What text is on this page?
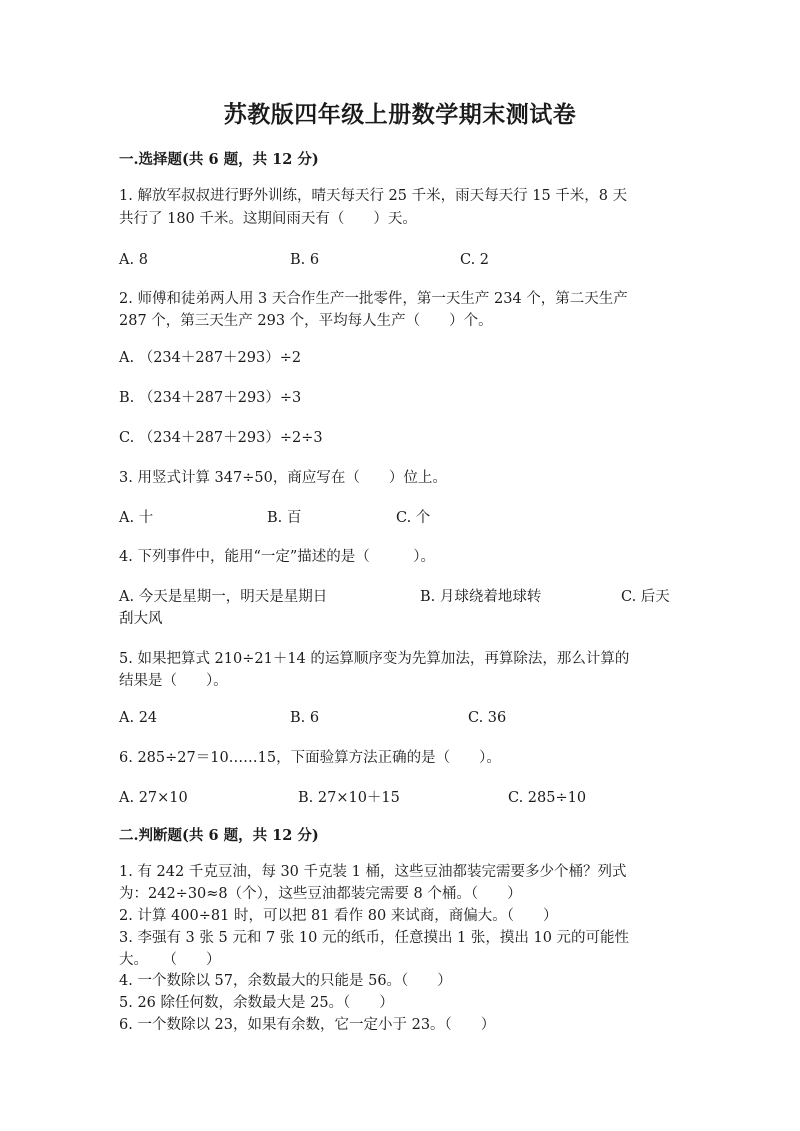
苏教版四年级上册数学期末测试卷
一.选择题(共 6 题，共 12 分)
1. 解放军叔叔进行野外训练，晴天每天行 25 千米，雨天每天行 15 千米，8 天
共行了 180 千米。这期间雨天有（　　）天。
A. 8	B. 6	C. 2
2. 师傅和徒弟两人用 3 天合作生产一批零件，第一天生产 234 个，第二天生产
287 个，第三天生产 293 个，平均每人生产（　　）个。
A. （234＋287＋293）÷2
B. （234＋287＋293）÷3
C. （234＋287＋293）÷2÷3
3. 用竖式计算 347÷50，商应写在（　　）位上。
A. 十	B. 百	C. 个
4. 下列事件中，能用“一定”描述的是（　　　）。
A. 今天是星期一，明天是星期日	B. 月球绕着地球转	C. 后天
刮大风
5. 如果把算式 210÷21＋14 的运算顺序变为先算加法，再算除法，那么计算的
结果是（　　）。
A. 24	B. 6	C. 36
6. 285÷27＝10……15，下面验算方法正确的是（　　）。
A. 27×10	B. 27×10＋15	C. 285÷10
二.判断题(共 6 题，共 12 分)
1. 有 242 千克豆油，每 30 千克装 1 桶，这些豆油都装完需要多少个桶？列式
为：242÷30≈8（个），这些豆油都装完需要 8 个桶。（　　）
2. 计算 400÷81 时，可以把 81 看作 80 来试商，商偏大。（　　）
3. 李强有 3 张 5 元和 7 张 10 元的纸币，任意摸出 1 张，摸出 10 元的可能性
大。　　（　　）
4. 一个数除以 57，余数最大的只能是 56。（　　）
5. 26 除任何数，余数最大是 25。（　　）
6. 一个数除以 23，如果有余数，它一定小于 23。（　　）
